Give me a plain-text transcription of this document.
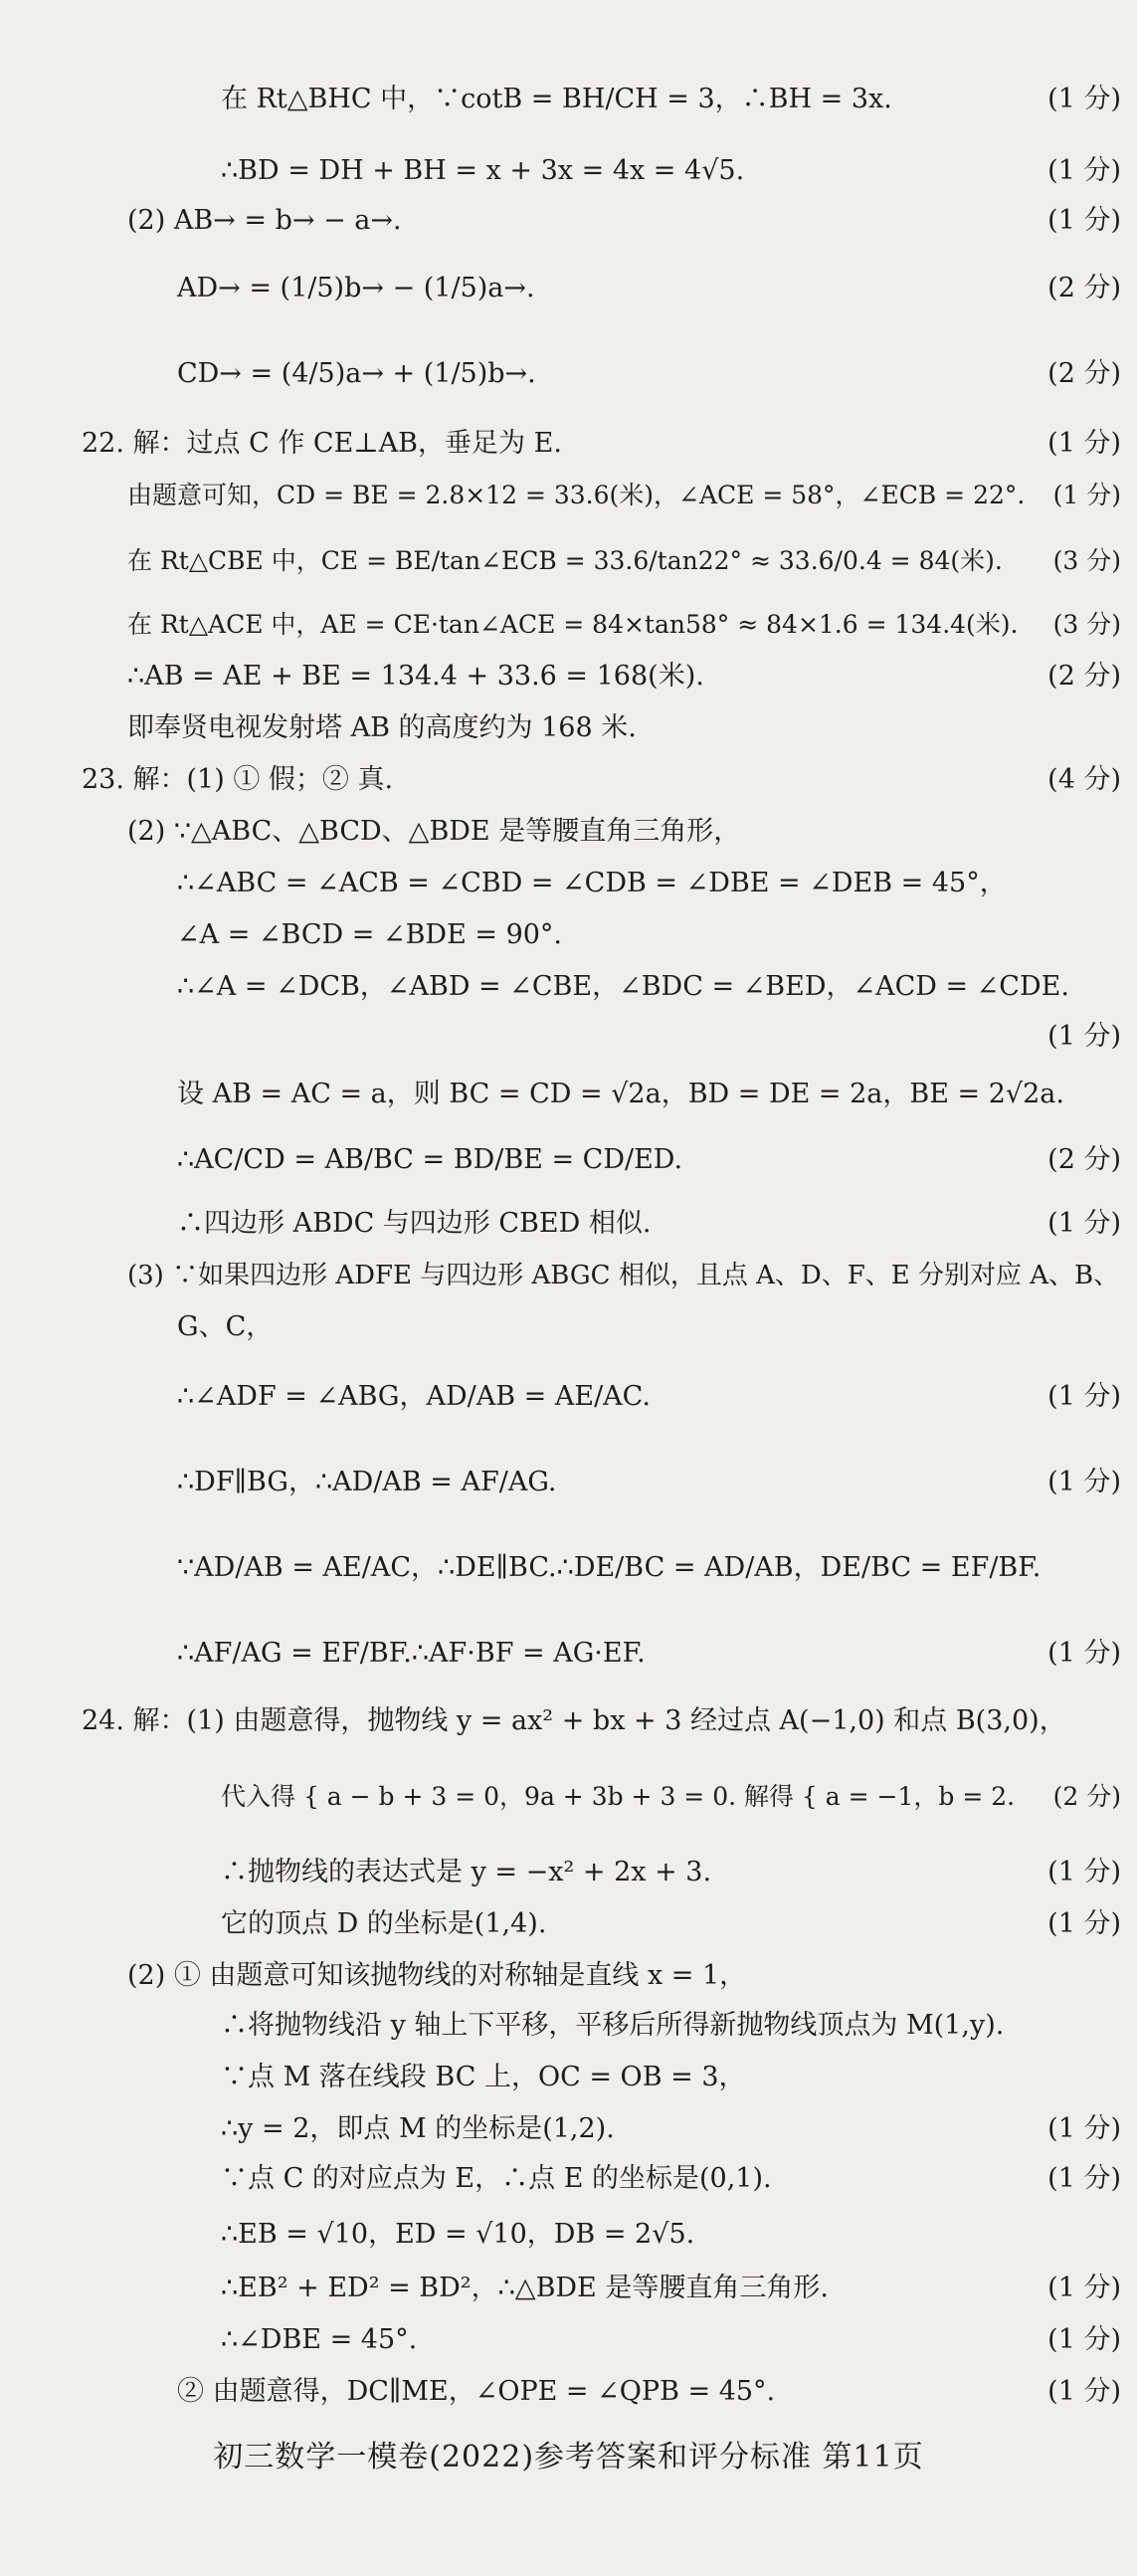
在 Rt△BHC 中，∵cotB = BH/CH = 3，∴BH = 3x.	(1 分)
∴BD = DH + BH = x + 3x = 4x = 4√5.	(1 分)
(2) AB→ = b→ − a→.	(1 分)
AD→ = (1/5)b→ − (1/5)a→.	(2 分)
CD→ = (4/5)a→ + (1/5)b→.	(2 分)
22. 解：过点 C 作 CE⊥AB，垂足为 E.	(1 分)
由题意可知，CD = BE = 2.8×12 = 33.6(米)，∠ACE = 58°，∠ECB = 22°. (1 分)
在 Rt△CBE 中，CE = BE/tan∠ECB = 33.6/tan22° ≈ 33.6/0.4 = 84(米). (3 分)
在 Rt△ACE 中，AE = CE·tan∠ACE = 84×tan58° ≈ 84×1.6 = 134.4(米). (3 分)
∴AB = AE + BE = 134.4 + 33.6 = 168(米).	(2 分)
即奉贤电视发射塔 AB 的高度约为 168 米.
23. 解：(1) ① 假；② 真.	(4 分)
(2) ∵△ABC、△BCD、△BDE 是等腰直角三角形，
∴∠ABC = ∠ACB = ∠CBD = ∠CDB = ∠DBE = ∠DEB = 45°，
∠A = ∠BCD = ∠BDE = 90°.
∴∠A = ∠DCB，∠ABD = ∠CBE，∠BDC = ∠BED，∠ACD = ∠CDE.
(1 分)
设 AB = AC = a，则 BC = CD = √2a，BD = DE = 2a，BE = 2√2a.
∴AC/CD = AB/BC = BD/BE = CD/ED.	(2 分)
∴四边形 ABDC 与四边形 CBED 相似.	(1 分)
(3) ∵如果四边形 ADFE 与四边形 ABGC 相似，且点 A、D、F、E 分别对应 A、B、
G、C，
∴∠ADF = ∠ABG，AD/AB = AE/AC.	(1 分)
∴DF∥BG，∴AD/AB = AF/AG.	(1 分)
∵AD/AB = AE/AC，∴DE∥BC.∴DE/BC = AD/AB，DE/BC = EF/BF.
∴AF/AG = EF/BF.∴AF·BF = AG·EF.	(1 分)
24. 解：(1) 由题意得，抛物线 y = ax² + bx + 3 经过点 A(−1,0) 和点 B(3,0)，
代入得 { a − b + 3 = 0，9a + 3b + 3 = 0. 解得 { a = −1，b = 2. (2 分)
∴抛物线的表达式是 y = −x² + 2x + 3.	(1 分)
它的顶点 D 的坐标是(1,4).	(1 分)
(2) ① 由题意可知该抛物线的对称轴是直线 x = 1，
∴将抛物线沿 y 轴上下平移，平移后所得新抛物线顶点为 M(1,y).
∵点 M 落在线段 BC 上，OC = OB = 3，
∴y = 2，即点 M 的坐标是(1,2).	(1 分)
∵点 C 的对应点为 E，∴点 E 的坐标是(0,1).	(1 分)
∴EB = √10，ED = √10，DB = 2√5.
∴EB² + ED² = BD²，∴△BDE 是等腰直角三角形.	(1 分)
∴∠DBE = 45°.	(1 分)
② 由题意得，DC∥ME，∠OPE = ∠QPB = 45°.	(1 分)
初三数学一模卷(2022)参考答案和评分标准 第11页
